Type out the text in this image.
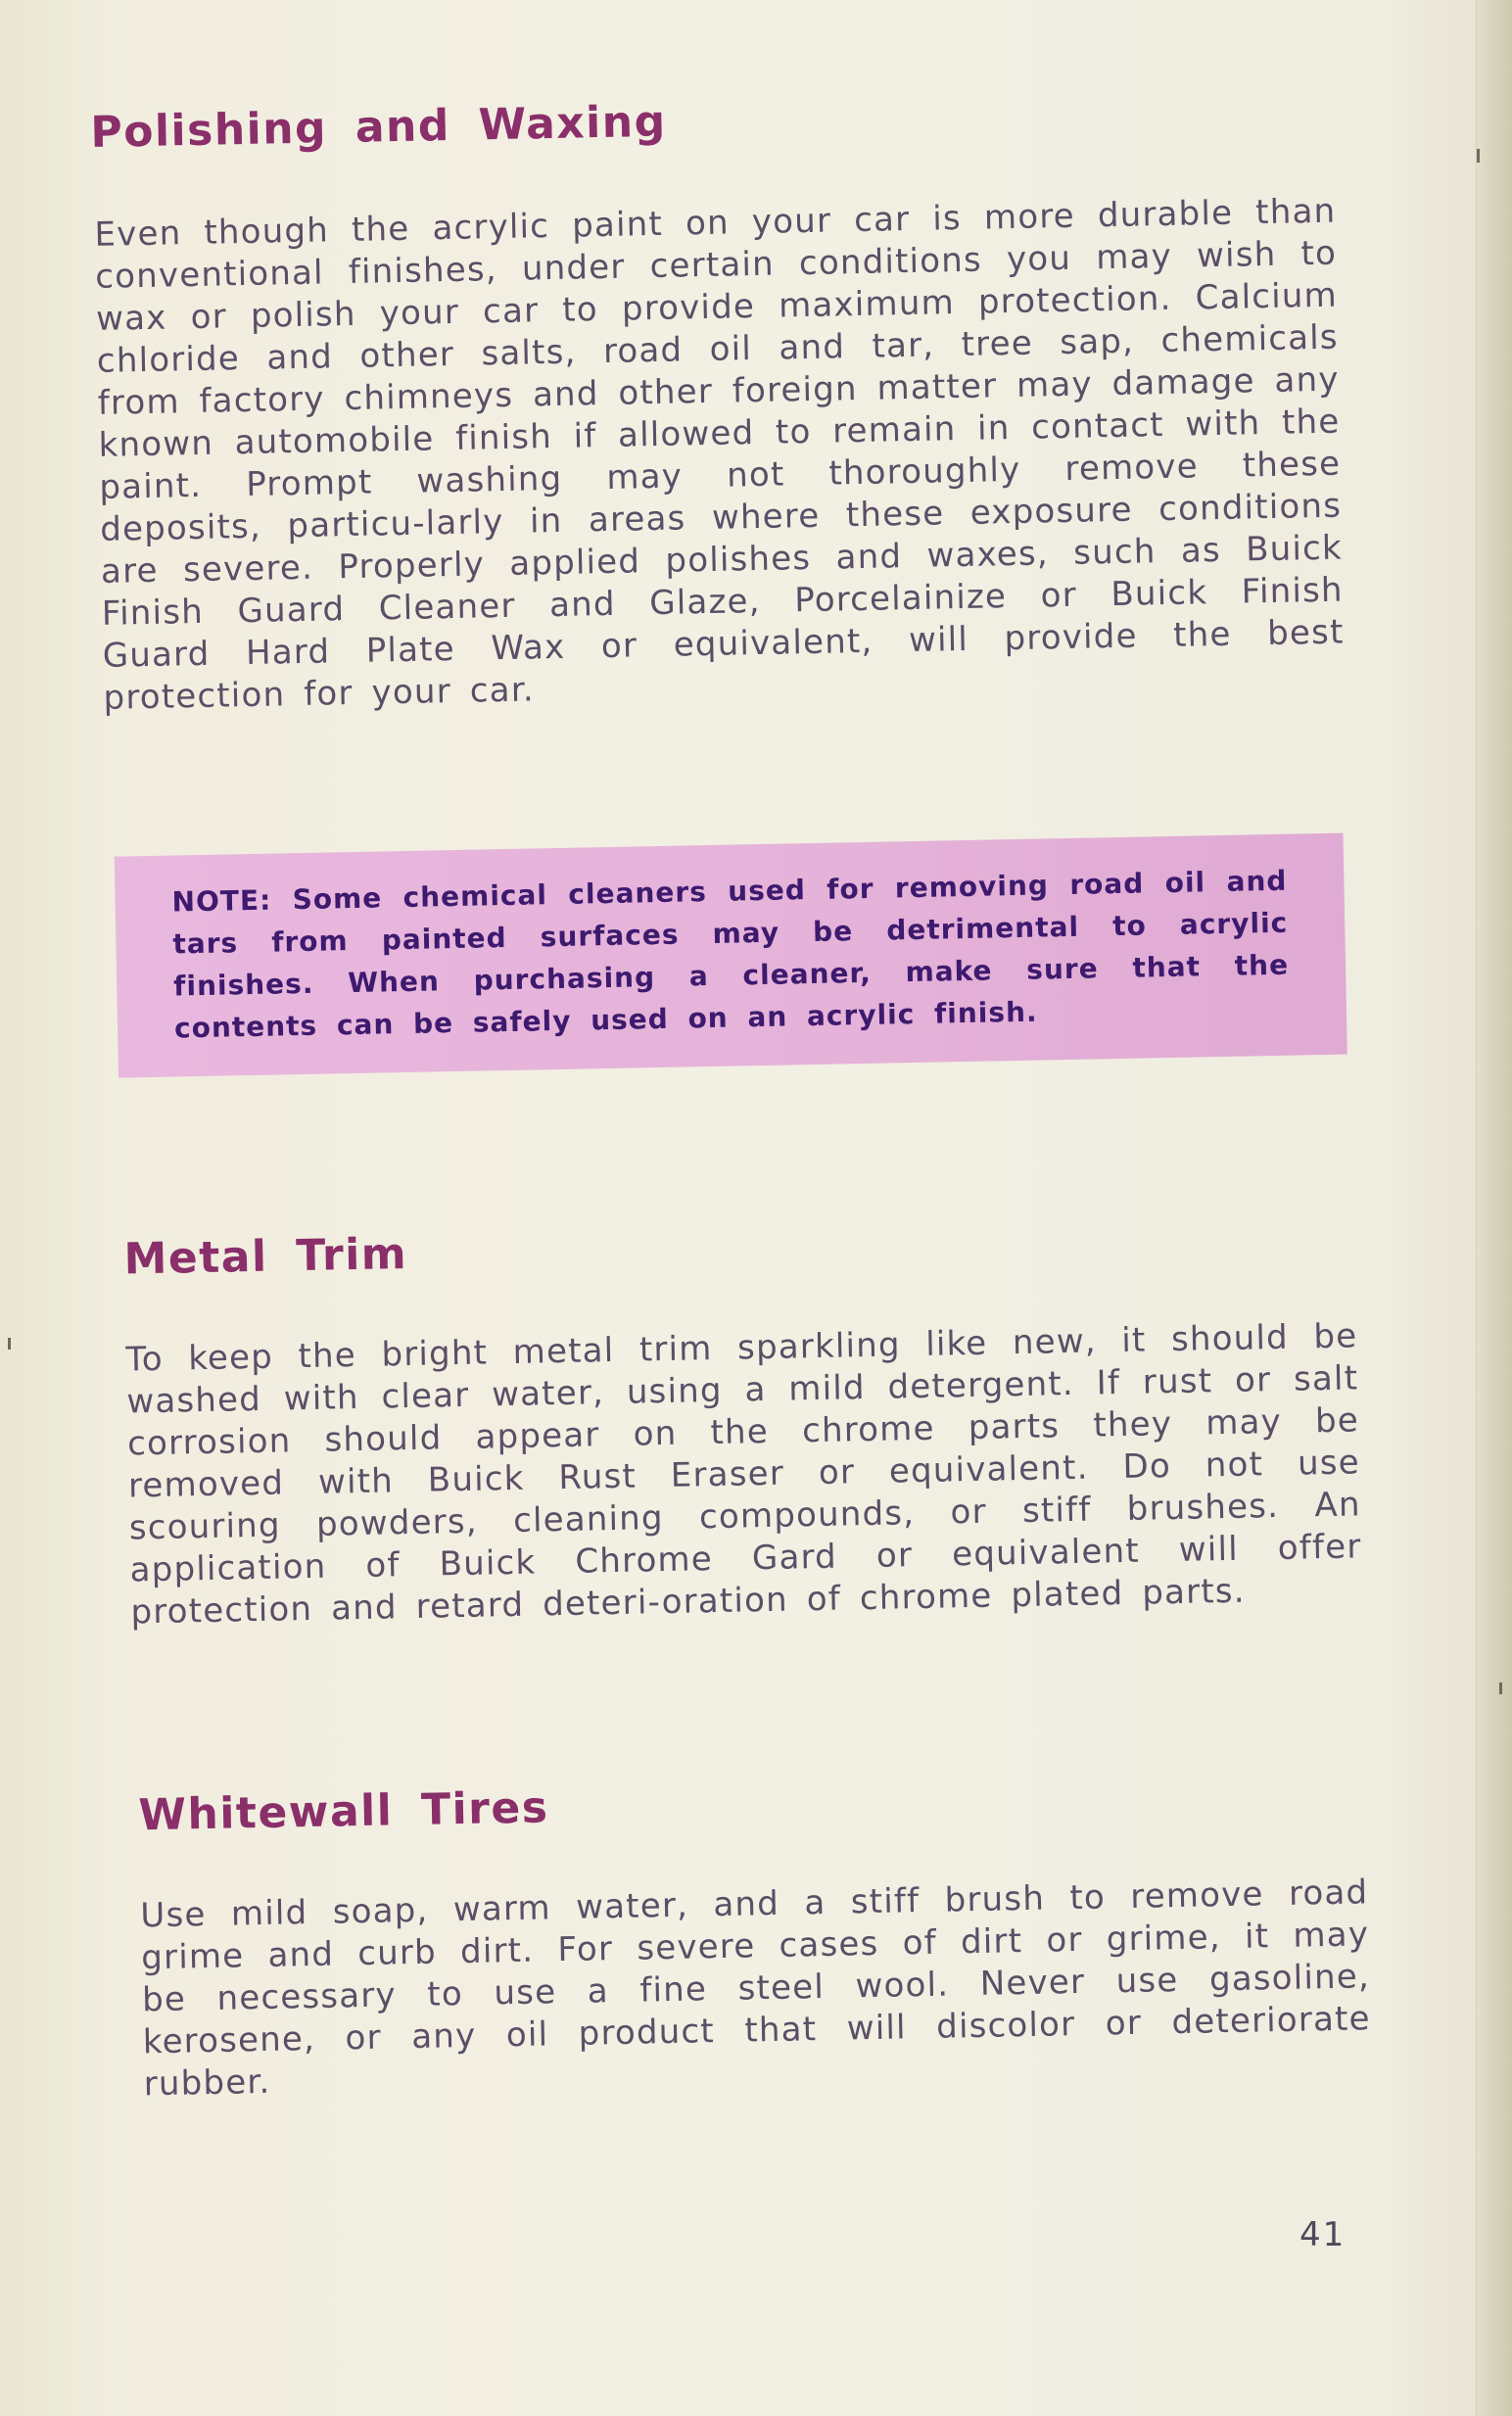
Polishing and Waxing

Even though the acrylic paint on your car is more durable than conventional finishes, under certain conditions you may wish to wax or polish your car to provide maximum protection. Calcium chloride and other salts, road oil and tar, tree sap, chemicals from factory chimneys and other foreign matter may damage any known automobile finish if allowed to remain in contact with the paint. Prompt washing may not thoroughly remove these deposits, particu-larly in areas where these exposure conditions are severe. Properly applied polishes and waxes, such as Buick Finish Guard Cleaner and Glaze, Porcelainize or Buick Finish Guard Hard Plate Wax or equivalent, will provide the best protection for your car.

NOTE: Some chemical cleaners used for removing road oil and tars from painted surfaces may be detrimental to acrylic finishes. When purchasing a cleaner, make sure that the contents can be safely used on an acrylic finish.

Metal Trim

To keep the bright metal trim sparkling like new, it should be washed with clear water, using a mild detergent. If rust or salt corrosion should appear on the chrome parts they may be removed with Buick Rust Eraser or equivalent. Do not use scouring powders, cleaning compounds, or stiff brushes. An application of Buick Chrome Gard or equivalent will offer protection and retard deteri-oration of chrome plated parts.

Whitewall Tires

Use mild soap, warm water, and a stiff brush to remove road grime and curb dirt. For severe cases of dirt or grime, it may be necessary to use a fine steel wool. Never use gasoline, kerosene, or any oil product that will discolor or deteriorate rubber.

41
